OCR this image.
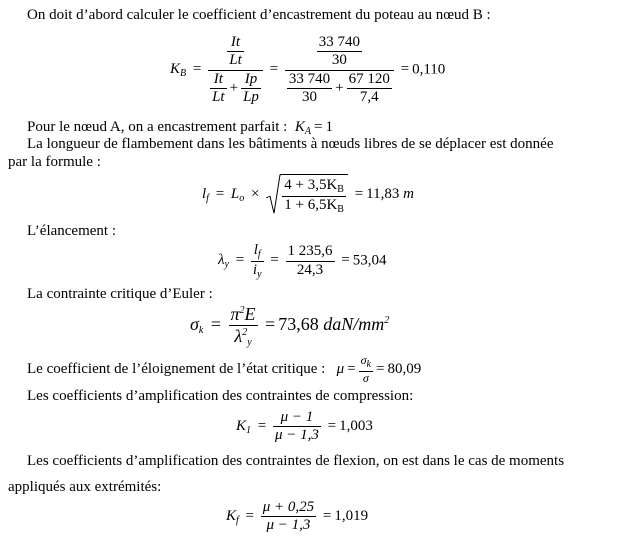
On doit d’abord calculer le coefficient d’encastrement du poteau au nœud B :
$K_B = \frac{\frac{It}{Lt}}{\frac{It}{Lt} + \frac{Ip}{Lp}} = \frac{\frac{33 740}{30}}{\frac{33 740}{30} + \frac{67 120}{7,4}} = 0,110$
Pour le nœud A, on a encastrement parfait : $K_A = 1$
La longueur de flambement dans les bâtiments à nœuds libres de se déplacer est donnée
par la formule :
$l_f = L_o \times \frac{4 + 3,5K_B}{1 + 6,5K_B} = 11,83$ m
L’élancement :
$\lambda_y = \frac{l_f}{i_y} = \frac{1 235,6}{24,3} = 53,04$
La contrainte critique d’Euler :
$\sigma_k = \frac{\pi^2E}{\lambda^2_y} = 73,68$ daN/$mm^2$
Le coefficient de l’éloignement de l’état critique : $\mu = \frac{\sigma_k}{\sigma} = 80,09$
Les coefficients d’amplification des contraintes de compression:
$K_1 = \frac{\mu - 1}{\mu - 1,3} = 1,003$
Les coefficients d’amplification des contraintes de flexion, on est dans le cas de moments
appliqués aux extrémités:
$K_f = \frac{\mu + 0,25}{\mu - 1,3} = 1,019$
